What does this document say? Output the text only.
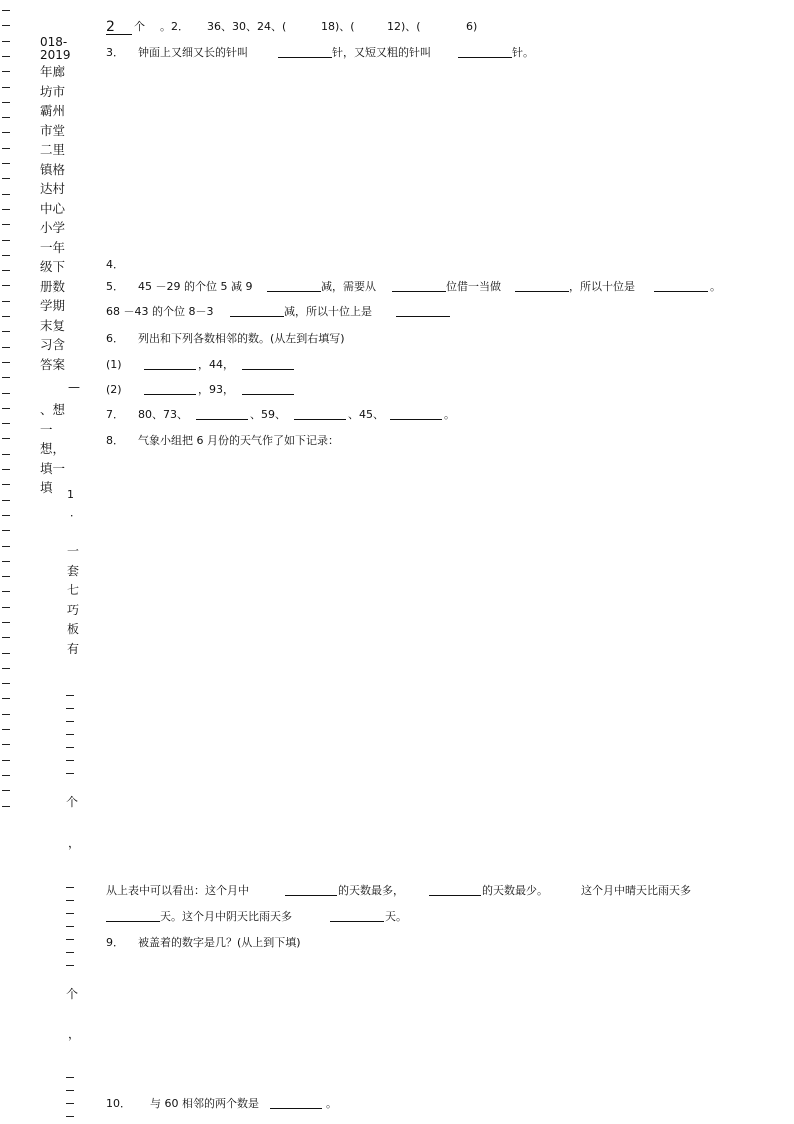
018-2019
年廊坊市霸州市堂二里镇格达村中心小学一年级下册数学期末复习含答案
—
、想一想，填一填	1
．
一套七巧板有
个
，
个
，
2	个 。2． 36、30、24、(	18)、(	12)、(	6)
3． 钟面上又细又长的针叫	针，又短又粗的针叫	针。
4．
5． 45 －29 的个位 5 减 9	减，需要从	位借一当做	，所以十位是	。
68 －43 的个位 8－3	减，所以十位上是
6． 列出和下列各数相邻的数。(从左到右填写)
(1)	，44，
(2)	，93，
7． 80、73、	、59、	、45、	。
8． 气象小组把 6 月份的天气作了如下记录：
从上表中可以看出：这个月中	的天数最多，	的天数最少。	这个月中晴天比雨天多
天。这个月中阴天比雨天多	天。
9． 被盖着的数字是几？(从上到下填)
10． 与 60 相邻的两个数是	。
